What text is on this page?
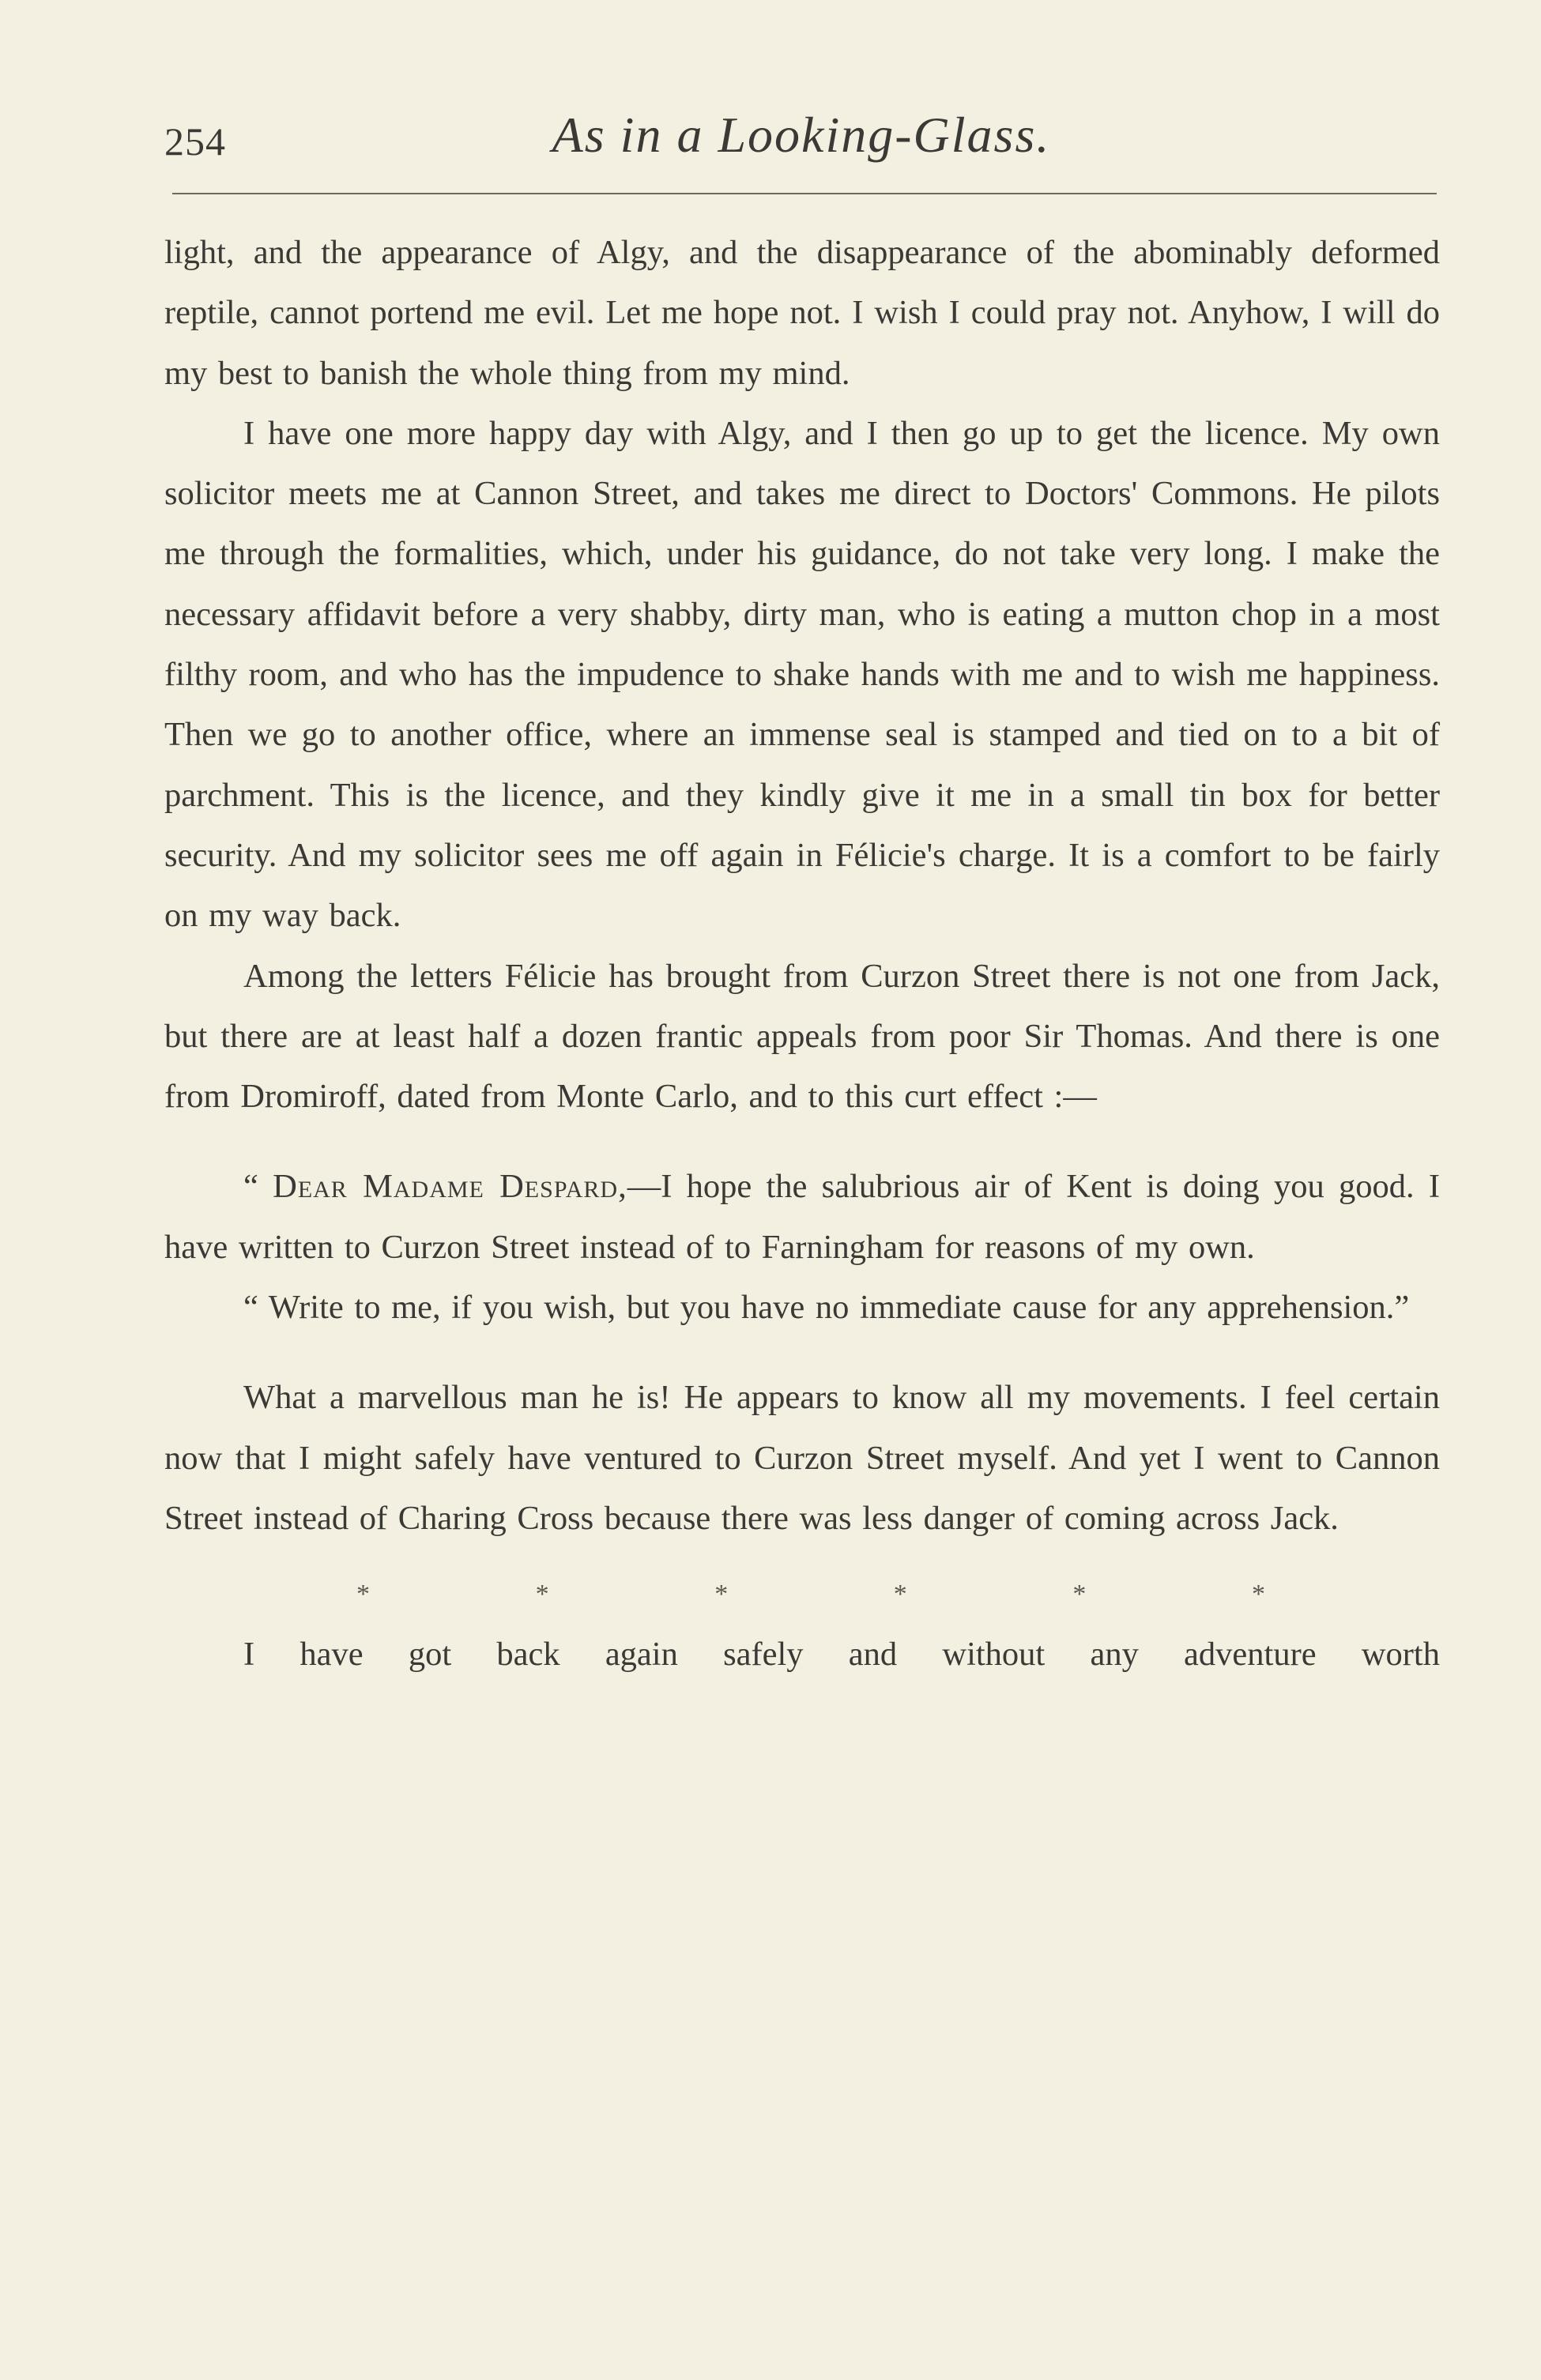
254	As in a Looking-Glass.

light, and the appearance of Algy, and the disappearance of the abominably deformed reptile, cannot portend me evil. Let me hope not. I wish I could pray not. Anyhow, I will do my best to banish the whole thing from my mind.

I have one more happy day with Algy, and I then go up to get the licence. My own solicitor meets me at Cannon Street, and takes me direct to Doctors' Commons. He pilots me through the formalities, which, under his guidance, do not take very long. I make the necessary affidavit before a very shabby, dirty man, who is eating a mutton chop in a most filthy room, and who has the impudence to shake hands with me and to wish me happiness. Then we go to another office, where an immense seal is stamped and tied on to a bit of parchment. This is the licence, and they kindly give it me in a small tin box for better security. And my solicitor sees me off again in Félicie's charge. It is a comfort to be fairly on my way back.

Among the letters Félicie has brought from Curzon Street there is not one from Jack, but there are at least half a dozen frantic appeals from poor Sir Thomas. And there is one from Dromiroff, dated from Monte Carlo, and to this curt effect :—

“ Dear Madame Despard,—I hope the salubrious air of Kent is doing you good. I have written to Curzon Street instead of to Farningham for reasons of my own.

“ Write to me, if you wish, but you have no immediate cause for any apprehension.”

What a marvellous man he is! He appears to know all my movements. I feel certain now that I might safely have ventured to Curzon Street myself. And yet I went to Cannon Street instead of Charing Cross because there was less danger of coming across Jack.

*	*	*	*	*	*

I have got back again safely and without any adventure worth
